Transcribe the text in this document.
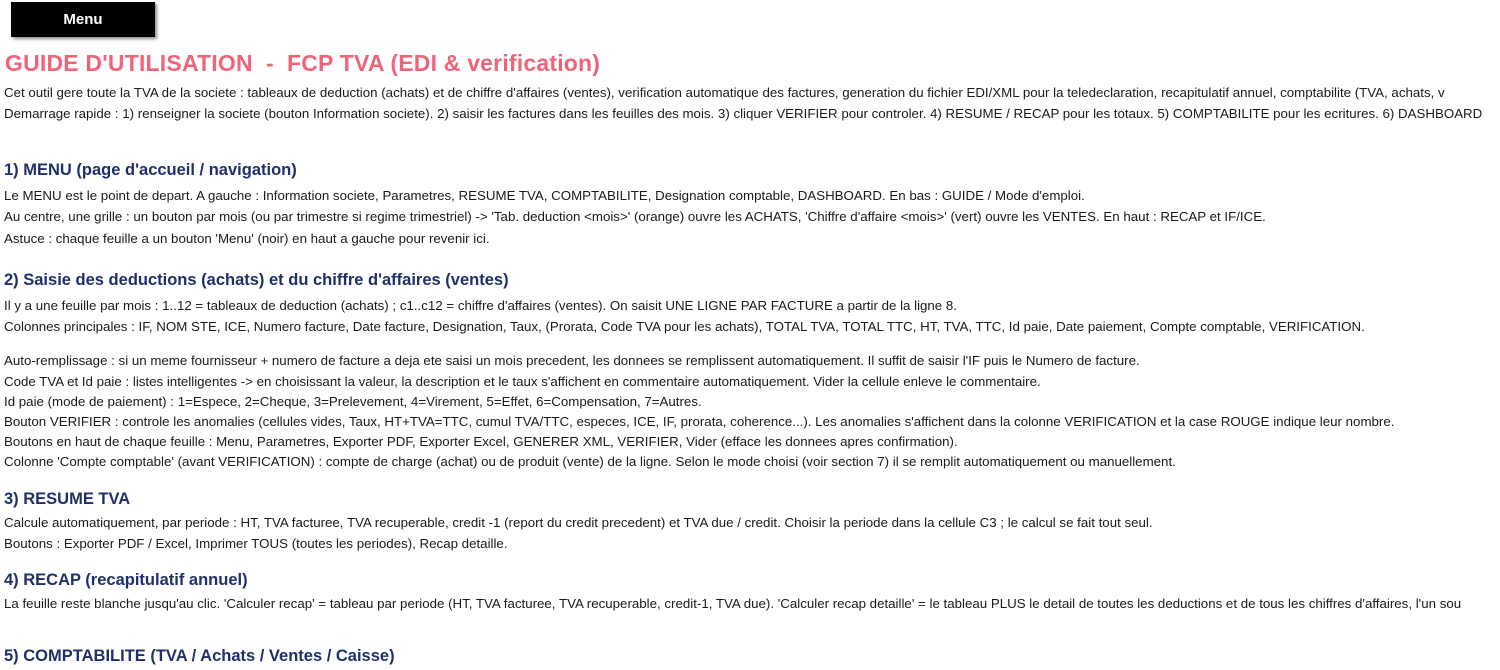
Menu
GUIDE D'UTILISATION  -  FCP TVA (EDI & verification)

Cet outil gere toute la TVA de la societe : tableaux de deduction (achats) et de chiffre d'affaires (ventes), verification automatique des factures, generation du fichier EDI/XML pour la teledeclaration, recapitulatif annuel, comptabilite (TVA, achats, v

Demarrage rapide : 1) renseigner la societe (bouton Information societe). 2) saisir les factures dans les feuilles des mois. 3) cliquer VERIFIER pour controler. 4) RESUME / RECAP pour les totaux. 5) COMPTABILITE pour les ecritures. 6) DASHBOARD

1) MENU (page d'accueil / navigation)

Le MENU est le point de depart. A gauche : Information societe, Parametres, RESUME TVA, COMPTABILITE, Designation comptable, DASHBOARD. En bas : GUIDE / Mode d'emploi.

Au centre, une grille : un bouton par mois (ou par trimestre si regime trimestriel) -> 'Tab. deduction <mois>' (orange) ouvre les ACHATS, 'Chiffre d'affaire <mois>' (vert) ouvre les VENTES. En haut : RECAP et IF/ICE.

Astuce : chaque feuille a un bouton 'Menu' (noir) en haut a gauche pour revenir ici.

2) Saisie des deductions (achats) et du chiffre d'affaires (ventes)

Il y a une feuille par mois : 1..12 = tableaux de deduction (achats) ; c1..c12 = chiffre d'affaires (ventes). On saisit UNE LIGNE PAR FACTURE a partir de la ligne 8.

Colonnes principales : IF, NOM STE, ICE, Numero facture, Date facture, Designation, Taux, (Prorata, Code TVA pour les achats), TOTAL TVA, TOTAL TTC, HT, TVA, TTC, Id paie, Date paiement, Compte comptable, VERIFICATION.

Auto-remplissage : si un meme fournisseur + numero de facture a deja ete saisi un mois precedent, les donnees se remplissent automatiquement. Il suffit de saisir l'IF puis le Numero de facture.

Code TVA et Id paie : listes intelligentes -> en choisissant la valeur, la description et le taux s'affichent en commentaire automatiquement. Vider la cellule enleve le commentaire.

Id paie (mode de paiement) : 1=Espece, 2=Cheque, 3=Prelevement, 4=Virement, 5=Effet, 6=Compensation, 7=Autres.

Bouton VERIFIER : controle les anomalies (cellules vides, Taux, HT+TVA=TTC, cumul TVA/TTC, especes, ICE, IF, prorata, coherence...). Les anomalies s'affichent dans la colonne VERIFICATION et la case ROUGE indique leur nombre.

Boutons en haut de chaque feuille : Menu, Parametres, Exporter PDF, Exporter Excel, GENERER XML, VERIFIER, Vider (efface les donnees apres confirmation).

Colonne 'Compte comptable' (avant VERIFICATION) : compte de charge (achat) ou de produit (vente) de la ligne. Selon le mode choisi (voir section 7) il se remplit automatiquement ou manuellement.

3) RESUME TVA

Calcule automatiquement, par periode : HT, TVA facturee, TVA recuperable, credit -1 (report du credit precedent) et TVA due / credit. Choisir la periode dans la cellule C3 ; le calcul se fait tout seul.

Boutons : Exporter PDF / Excel, Imprimer TOUS (toutes les periodes), Recap detaille.

4) RECAP (recapitulatif annuel)

La feuille reste blanche jusqu'au clic. 'Calculer recap' = tableau par periode (HT, TVA facturee, TVA recuperable, credit-1, TVA due). 'Calculer recap detaille' = le tableau PLUS le detail de toutes les deductions et de tous les chiffres d'affaires, l'un sou

5) COMPTABILITE (TVA / Achats / Ventes / Caisse)
